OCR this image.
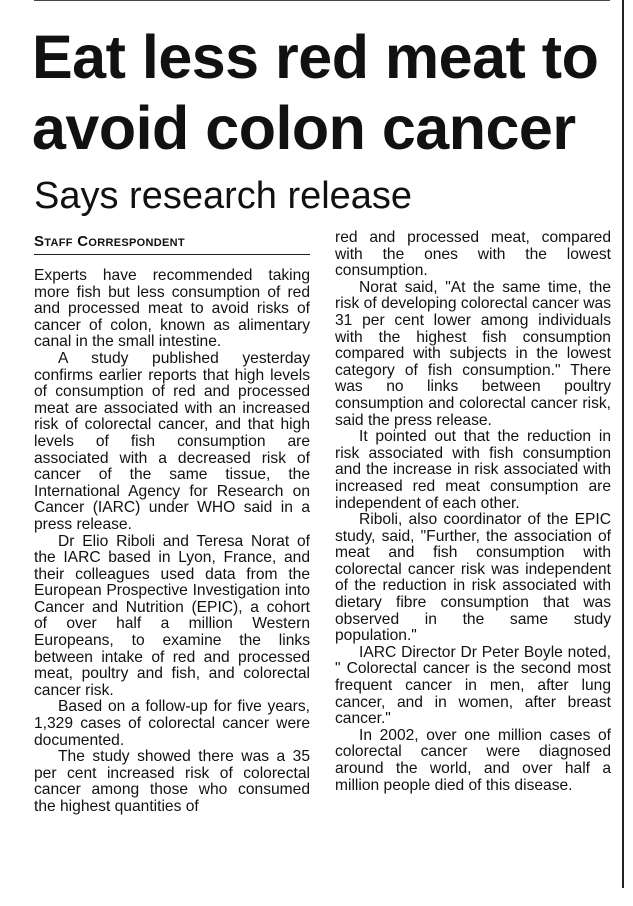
Eat less red meat to avoid colon cancer
Says research release
Staff Correspondent

Experts have recommended taking more fish but less consumption of red and processed meat to avoid risks of cancer of colon, known as alimentary canal in the small intestine.

A study published yesterday confirms earlier reports that high levels of consumption of red and processed meat are associated with an increased risk of colorectal cancer, and that high levels of fish consumption are associated with a decreased risk of cancer of the same tissue, the International Agency for Research on Cancer (IARC) under WHO said in a press release.

Dr Elio Riboli and Teresa Norat of the IARC based in Lyon, France, and their colleagues used data from the European Prospective Investigation into Cancer and Nutrition (EPIC), a cohort of over half a million Western Europeans, to examine the links between intake of red and processed meat, poultry and fish, and colorectal cancer risk.

Based on a follow-up for five years, 1,329 cases of colorectal cancer were documented.

The study showed there was a 35 per cent increased risk of colorectal cancer among those who consumed the highest quantities of

red and processed meat, compared with the ones with the lowest consumption.

Norat said, "At the same time, the risk of developing colorectal cancer was 31 per cent lower among individuals with the highest fish consumption compared with subjects in the lowest category of fish consumption." There was no links between poultry consumption and colorectal cancer risk, said the press release.

It pointed out that the reduction in risk associated with fish consumption and the increase in risk associated with increased red meat consumption are independent of each other.

Riboli, also coordinator of the EPIC study, said, "Further, the association of meat and fish consumption with colorectal cancer risk was independent of the reduction in risk associated with dietary fibre consumption that was observed in the same study population."

IARC Director Dr Peter Boyle noted, " Colorectal cancer is the second most frequent cancer in men, after lung cancer, and in women, after breast cancer."

In 2002, over one million cases of colorectal cancer were diagnosed around the world, and over half a million people died of this disease.
